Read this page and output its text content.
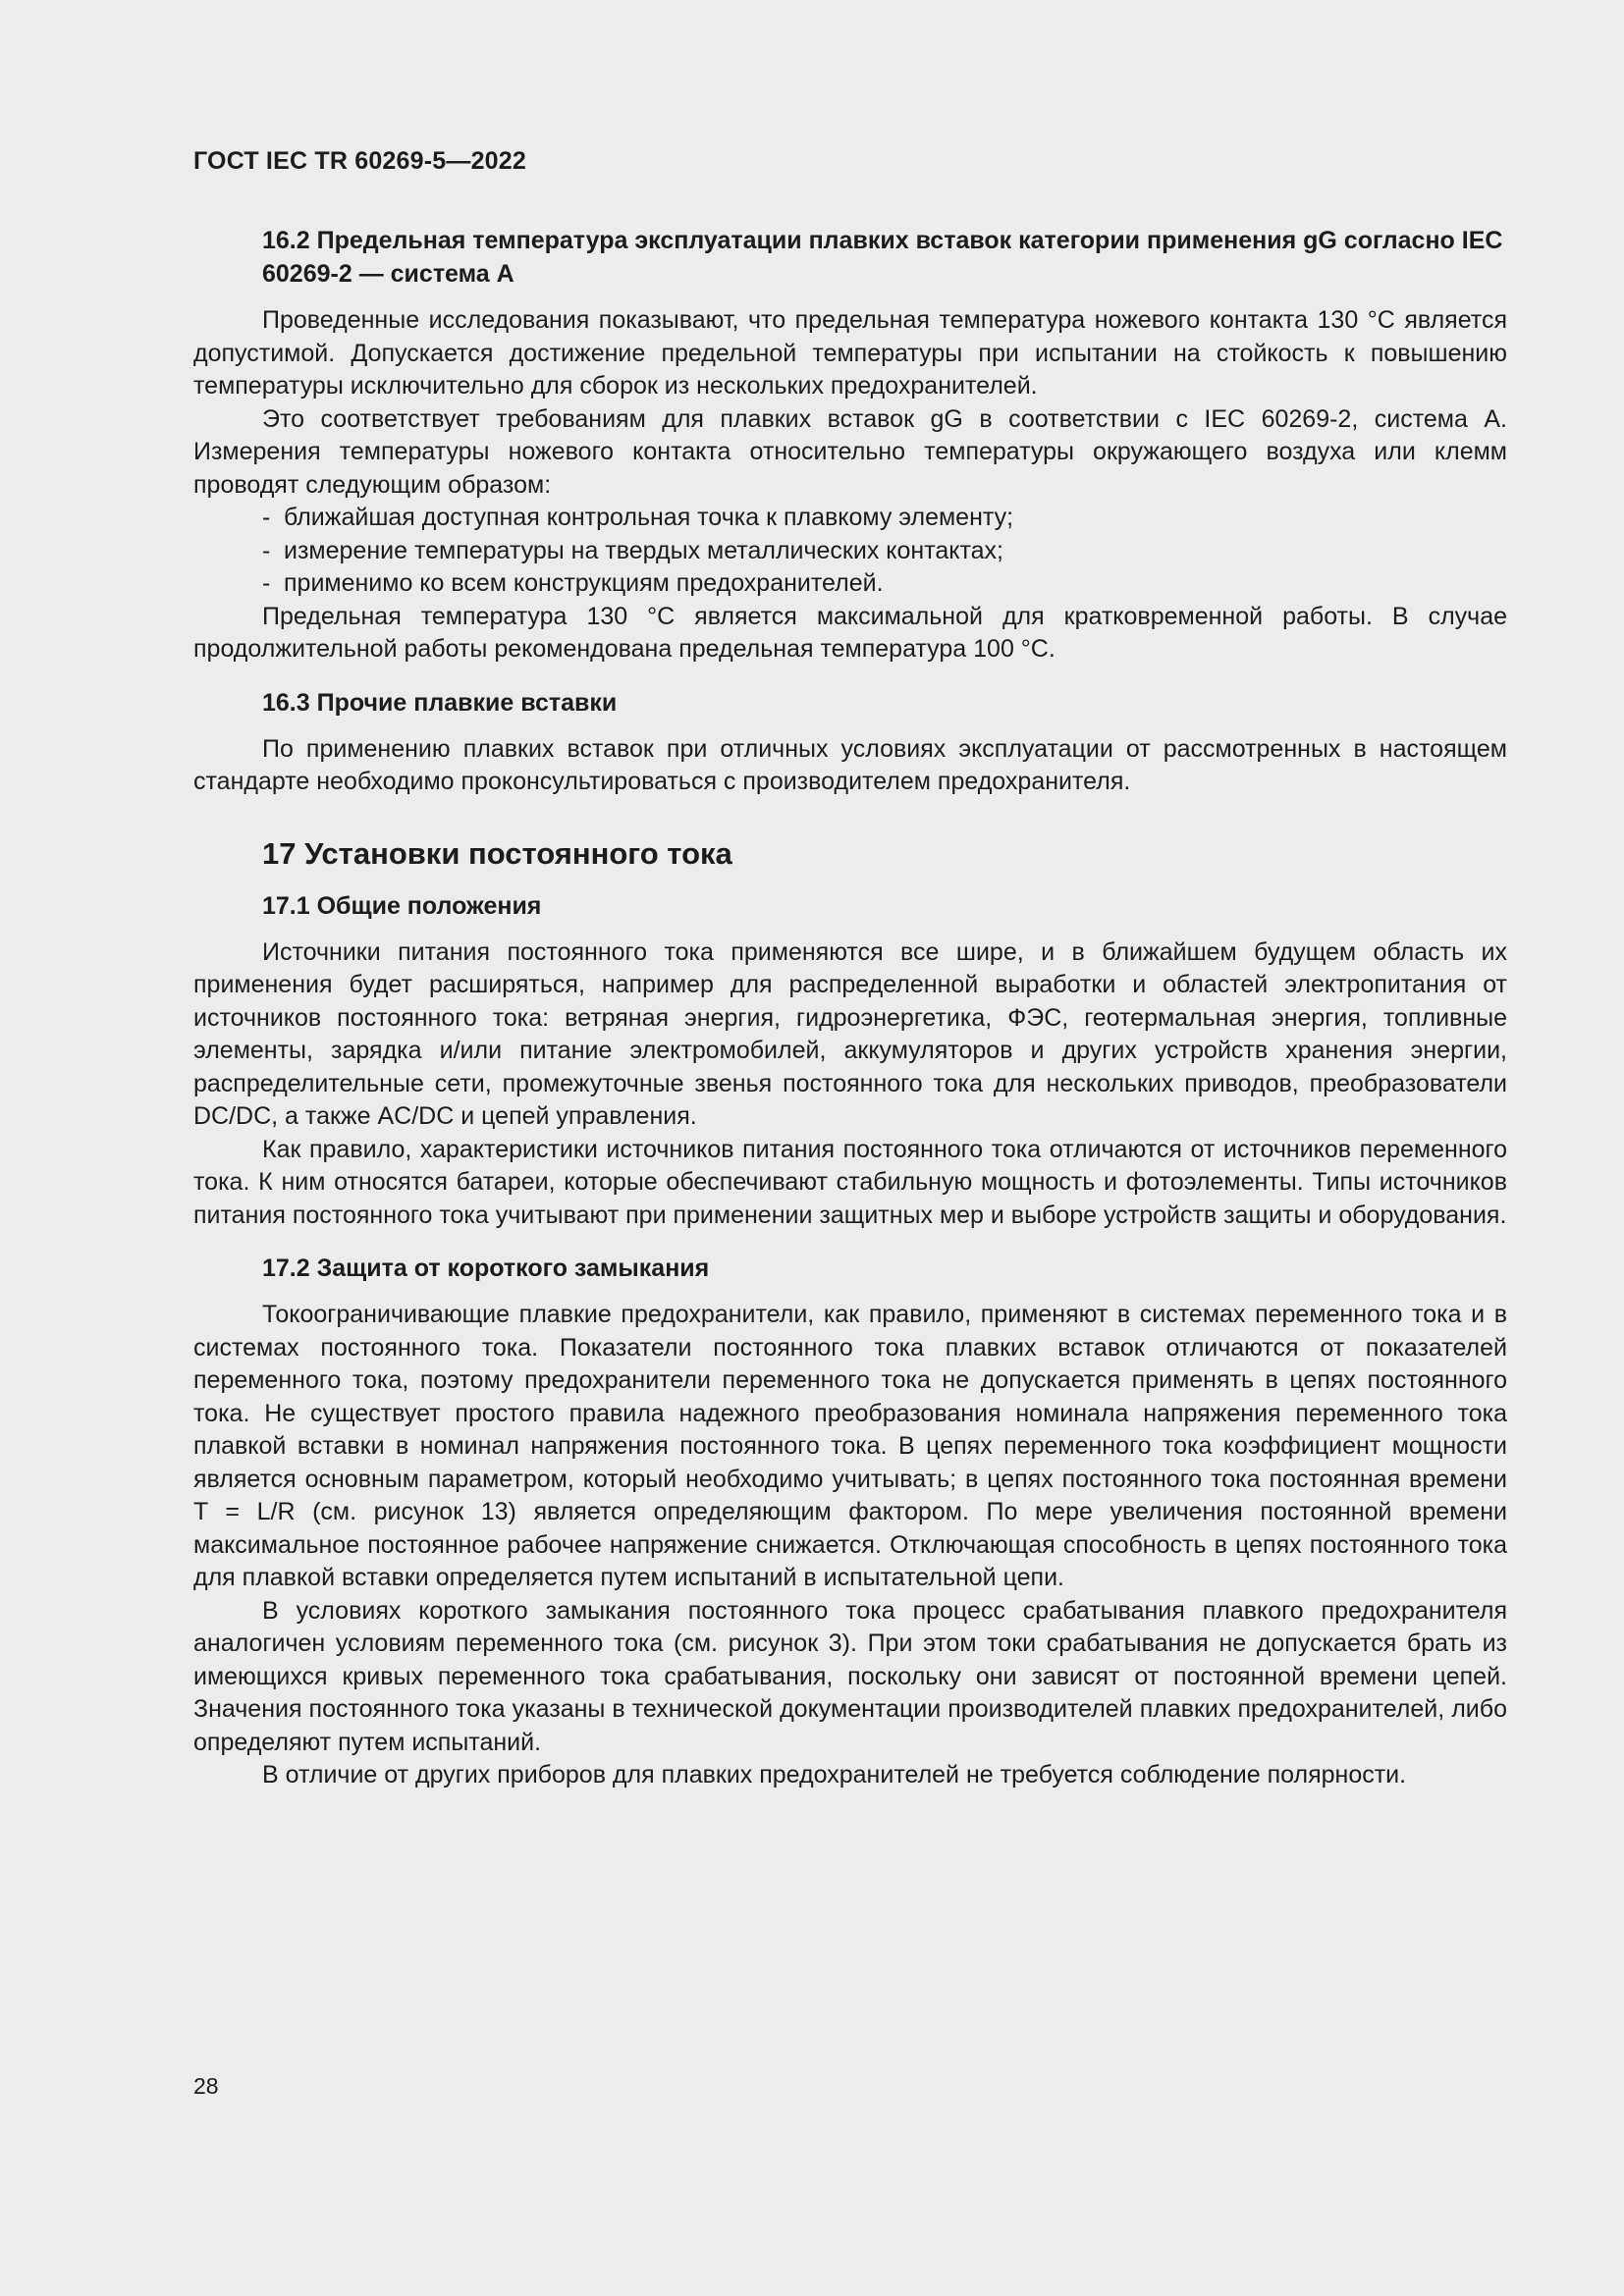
ГОСТ IEC TR 60269-5—2022
16.2 Предельная температура эксплуатации плавких вставок категории применения gG согласно IEC 60269-2 — система А

Проведенные исследования показывают, что предельная температура ножевого контакта 130 °С является допустимой. Допускается достижение предельной температуры при испытании на стойкость к повышению температуры исключительно для сборок из нескольких предохранителей.

Это соответствует требованиям для плавких вставок gG в соответствии с IEC 60269-2, система А. Измерения температуры ножевого контакта относительно температуры окружающего воздуха или клемм проводят следующим образом:

- ближайшая доступная контрольная точка к плавкому элементу;
- измерение температуры на твердых металлических контактах;
- применимо ко всем конструкциям предохранителей.

Предельная температура 130 °С является максимальной для кратковременной работы. В случае продолжительной работы рекомендована предельная температура 100 °С.

16.3 Прочие плавкие вставки

По применению плавких вставок при отличных условиях эксплуатации от рассмотренных в настоящем стандарте необходимо проконсультироваться с производителем предохранителя.

17 Установки постоянного тока
17.1 Общие положения

Источники питания постоянного тока применяются все шире, и в ближайшем будущем область их применения будет расширяться, например для распределенной выработки и областей электропитания от источников постоянного тока: ветряная энергия, гидроэнергетика, ФЭС, геотермальная энергия, топливные элементы, зарядка и/или питание электромобилей, аккумуляторов и других устройств хранения энергии, распределительные сети, промежуточные звенья постоянного тока для нескольких приводов, преобразователи DC/DC, а также AC/DC и цепей управления.

Как правило, характеристики источников питания постоянного тока отличаются от источников переменного тока. К ним относятся батареи, которые обеспечивают стабильную мощность и фотоэлементы. Типы источников питания постоянного тока учитывают при применении защитных мер и выборе устройств защиты и оборудования.

17.2 Защита от короткого замыкания

Токоограничивающие плавкие предохранители, как правило, применяют в системах переменного тока и в системах постоянного тока. Показатели постоянного тока плавких вставок отличаются от показателей переменного тока, поэтому предохранители переменного тока не допускается применять в цепях постоянного тока. Не существует простого правила надежного преобразования номинала напряжения переменного тока плавкой вставки в номинал напряжения постоянного тока. В цепях переменного тока коэффициент мощности является основным параметром, который необходимо учитывать; в цепях постоянного тока постоянная времени T = L/R (см. рисунок 13) является определяющим фактором. По мере увеличения постоянной времени максимальное постоянное рабочее напряжение снижается. Отключающая способность в цепях постоянного тока для плавкой вставки определяется путем испытаний в испытательной цепи.

В условиях короткого замыкания постоянного тока процесс срабатывания плавкого предохранителя аналогичен условиям переменного тока (см. рисунок 3). При этом токи срабатывания не допускается брать из имеющихся кривых переменного тока срабатывания, поскольку они зависят от постоянной времени цепей. Значения постоянного тока указаны в технической документации производителей плавких предохранителей, либо определяют путем испытаний.

В отличие от других приборов для плавких предохранителей не требуется соблюдение полярности.

28
